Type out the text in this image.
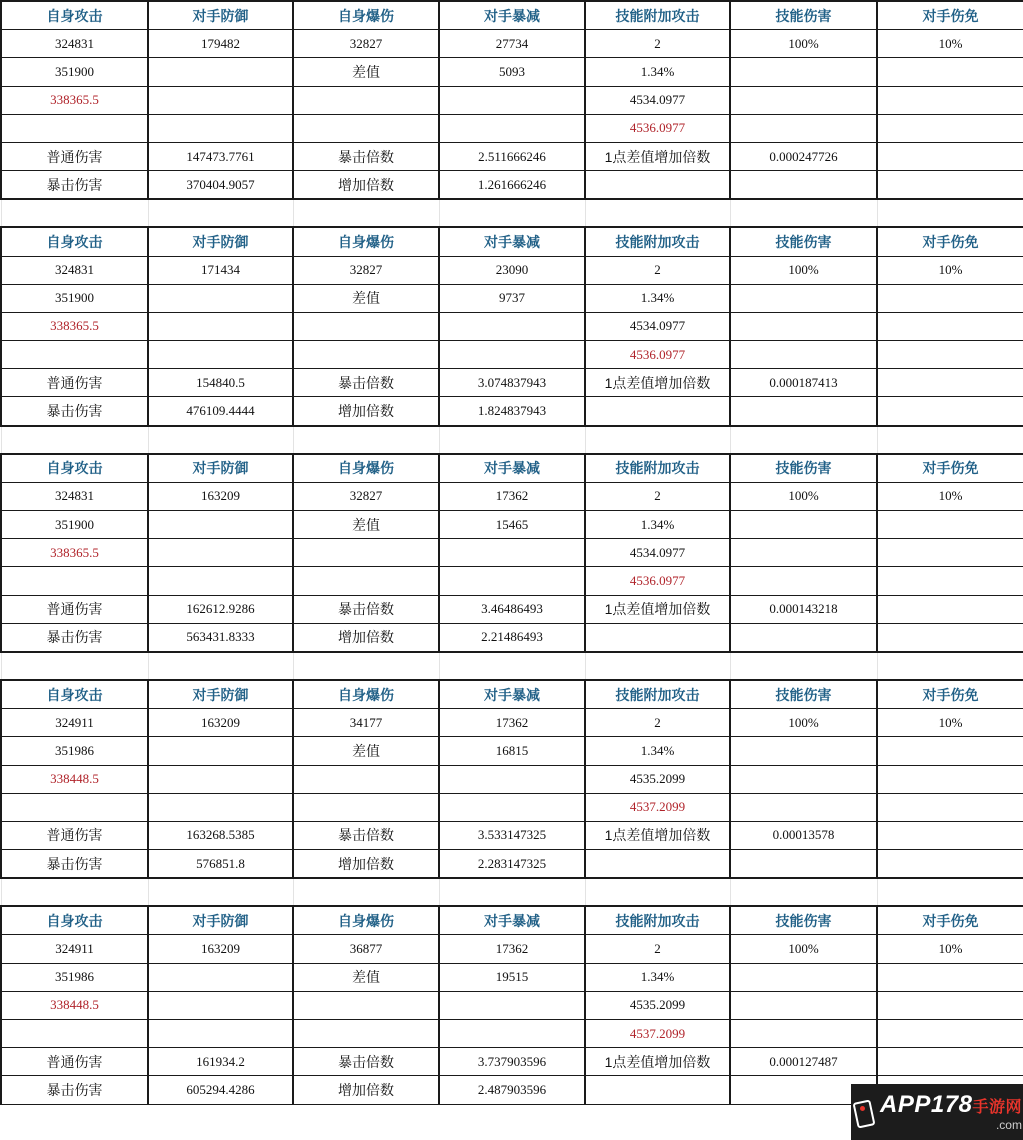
自身攻击	对手防御	自身爆伤	对手暴减	技能附加攻击	技能伤害	对手伤免
324831	179482	32827	27734	2	100%	10%
351900		差值	5093	1.34%		
338365.5				4534.0977		
				4536.0977		
普通伤害	147473.7761	暴击倍数	2.511666246	1点差值增加倍数	0.000247726	
暴击伤害	370404.9057	增加倍数	1.261666246			

自身攻击	对手防御	自身爆伤	对手暴减	技能附加攻击	技能伤害	对手伤免
324831	171434	32827	23090	2	100%	10%
351900		差值	9737	1.34%		
338365.5				4534.0977		
				4536.0977		
普通伤害	154840.5	暴击倍数	3.074837943	1点差值增加倍数	0.000187413	
暴击伤害	476109.4444	增加倍数	1.824837943			

自身攻击	对手防御	自身爆伤	对手暴减	技能附加攻击	技能伤害	对手伤免
324831	163209	32827	17362	2	100%	10%
351900		差值	15465	1.34%		
338365.5				4534.0977		
				4536.0977		
普通伤害	162612.9286	暴击倍数	3.46486493	1点差值增加倍数	0.000143218	
暴击伤害	563431.8333	增加倍数	2.21486493			

自身攻击	对手防御	自身爆伤	对手暴减	技能附加攻击	技能伤害	对手伤免
324911	163209	34177	17362	2	100%	10%
351986		差值	16815	1.34%		
338448.5				4535.2099		
				4537.2099		
普通伤害	163268.5385	暴击倍数	3.533147325	1点差值增加倍数	0.00013578	
暴击伤害	576851.8	增加倍数	2.283147325			

自身攻击	对手防御	自身爆伤	对手暴减	技能附加攻击	技能伤害	对手伤免
324911	163209	36877	17362	2	100%	10%
351986		差值	19515	1.34%		
338448.5				4535.2099		
				4537.2099		
普通伤害	161934.2	暴击倍数	3.737903596	1点差值增加倍数	0.000127487	
暴击伤害	605294.4286	增加倍数	2.487903596			
APP178手游网
.com
